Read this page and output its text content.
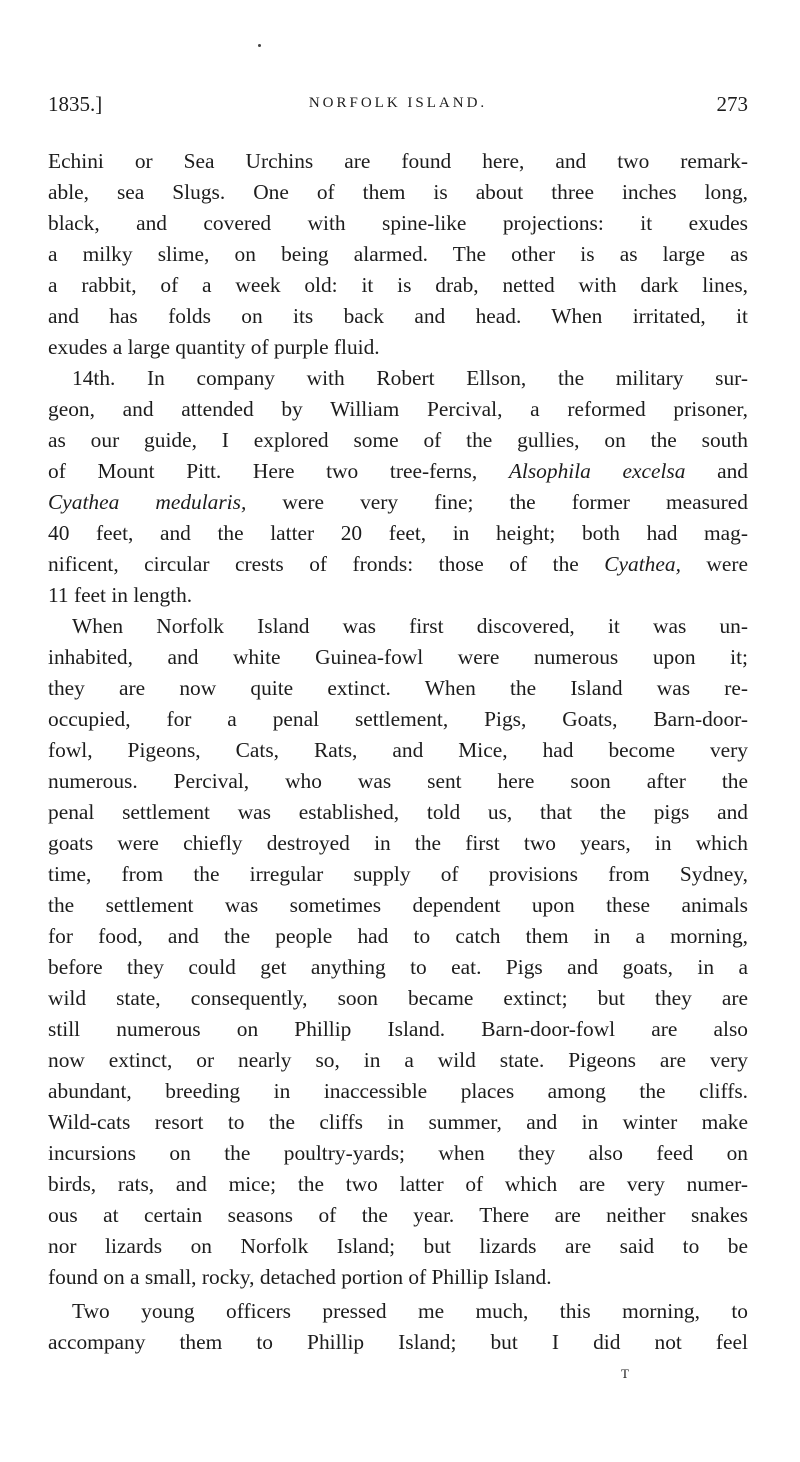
1835.]	NORFOLK ISLAND.	273
Echini or Sea Urchins are found here, and two remark-
able, sea Slugs. One of them is about three inches long,
black, and covered with spine-like projections: it exudes
a milky slime, on being alarmed. The other is as large as
a rabbit, of a week old: it is drab, netted with dark lines,
and has folds on its back and head. When irritated, it
exudes a large quantity of purple fluid.
14th. In company with Robert Ellson, the military sur-
geon, and attended by William Percival, a reformed prisoner,
as our guide, I explored some of the gullies, on the south
of Mount Pitt. Here two tree-ferns, Alsophila excelsa and
Cyathea medularis, were very fine; the former measured
40 feet, and the latter 20 feet, in height; both had mag-
nificent, circular crests of fronds: those of the Cyathea, were
11 feet in length.
When Norfolk Island was first discovered, it was un-
inhabited, and white Guinea-fowl were numerous upon it;
they are now quite extinct. When the Island was re-
occupied, for a penal settlement, Pigs, Goats, Barn-door-
fowl, Pigeons, Cats, Rats, and Mice, had become very
numerous. Percival, who was sent here soon after the
penal settlement was established, told us, that the pigs and
goats were chiefly destroyed in the first two years, in which
time, from the irregular supply of provisions from Sydney,
the settlement was sometimes dependent upon these animals
for food, and the people had to catch them in a morning,
before they could get anything to eat. Pigs and goats, in a
wild state, consequently, soon became extinct; but they are
still numerous on Phillip Island. Barn-door-fowl are also
now extinct, or nearly so, in a wild state. Pigeons are very
abundant, breeding in inaccessible places among the cliffs.
Wild-cats resort to the cliffs in summer, and in winter make
incursions on the poultry-yards; when they also feed on
birds, rats, and mice; the two latter of which are very numer-
ous at certain seasons of the year. There are neither snakes
nor lizards on Norfolk Island; but lizards are said to be
found on a small, rocky, detached portion of Phillip Island.
Two young officers pressed me much, this morning, to
accompany them to Phillip Island; but I did not feel
T
